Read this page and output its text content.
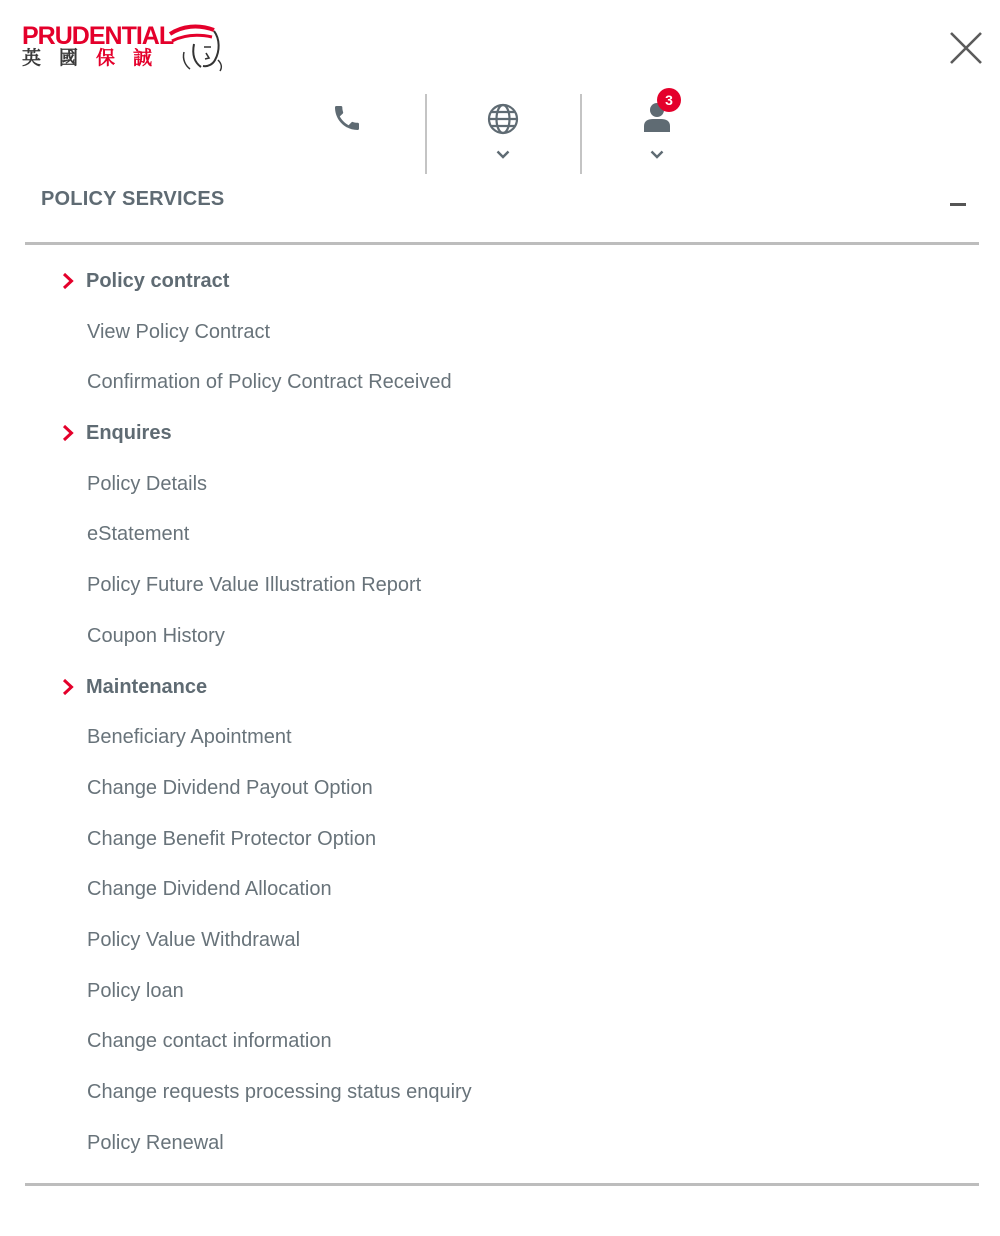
PRUDENTIAL
英國保誠
3
POLICY SERVICES
Policy contract
View Policy Contract
Confirmation of Policy Contract Received
Enquires
Policy Details
eStatement
Policy Future Value Illustration Report
Coupon History
Maintenance
Beneficiary Apointment
Change Dividend Payout Option
Change Benefit Protector Option
Change Dividend Allocation
Policy Value Withdrawal
Policy loan
Change contact information
Change requests processing status enquiry
Policy Renewal
